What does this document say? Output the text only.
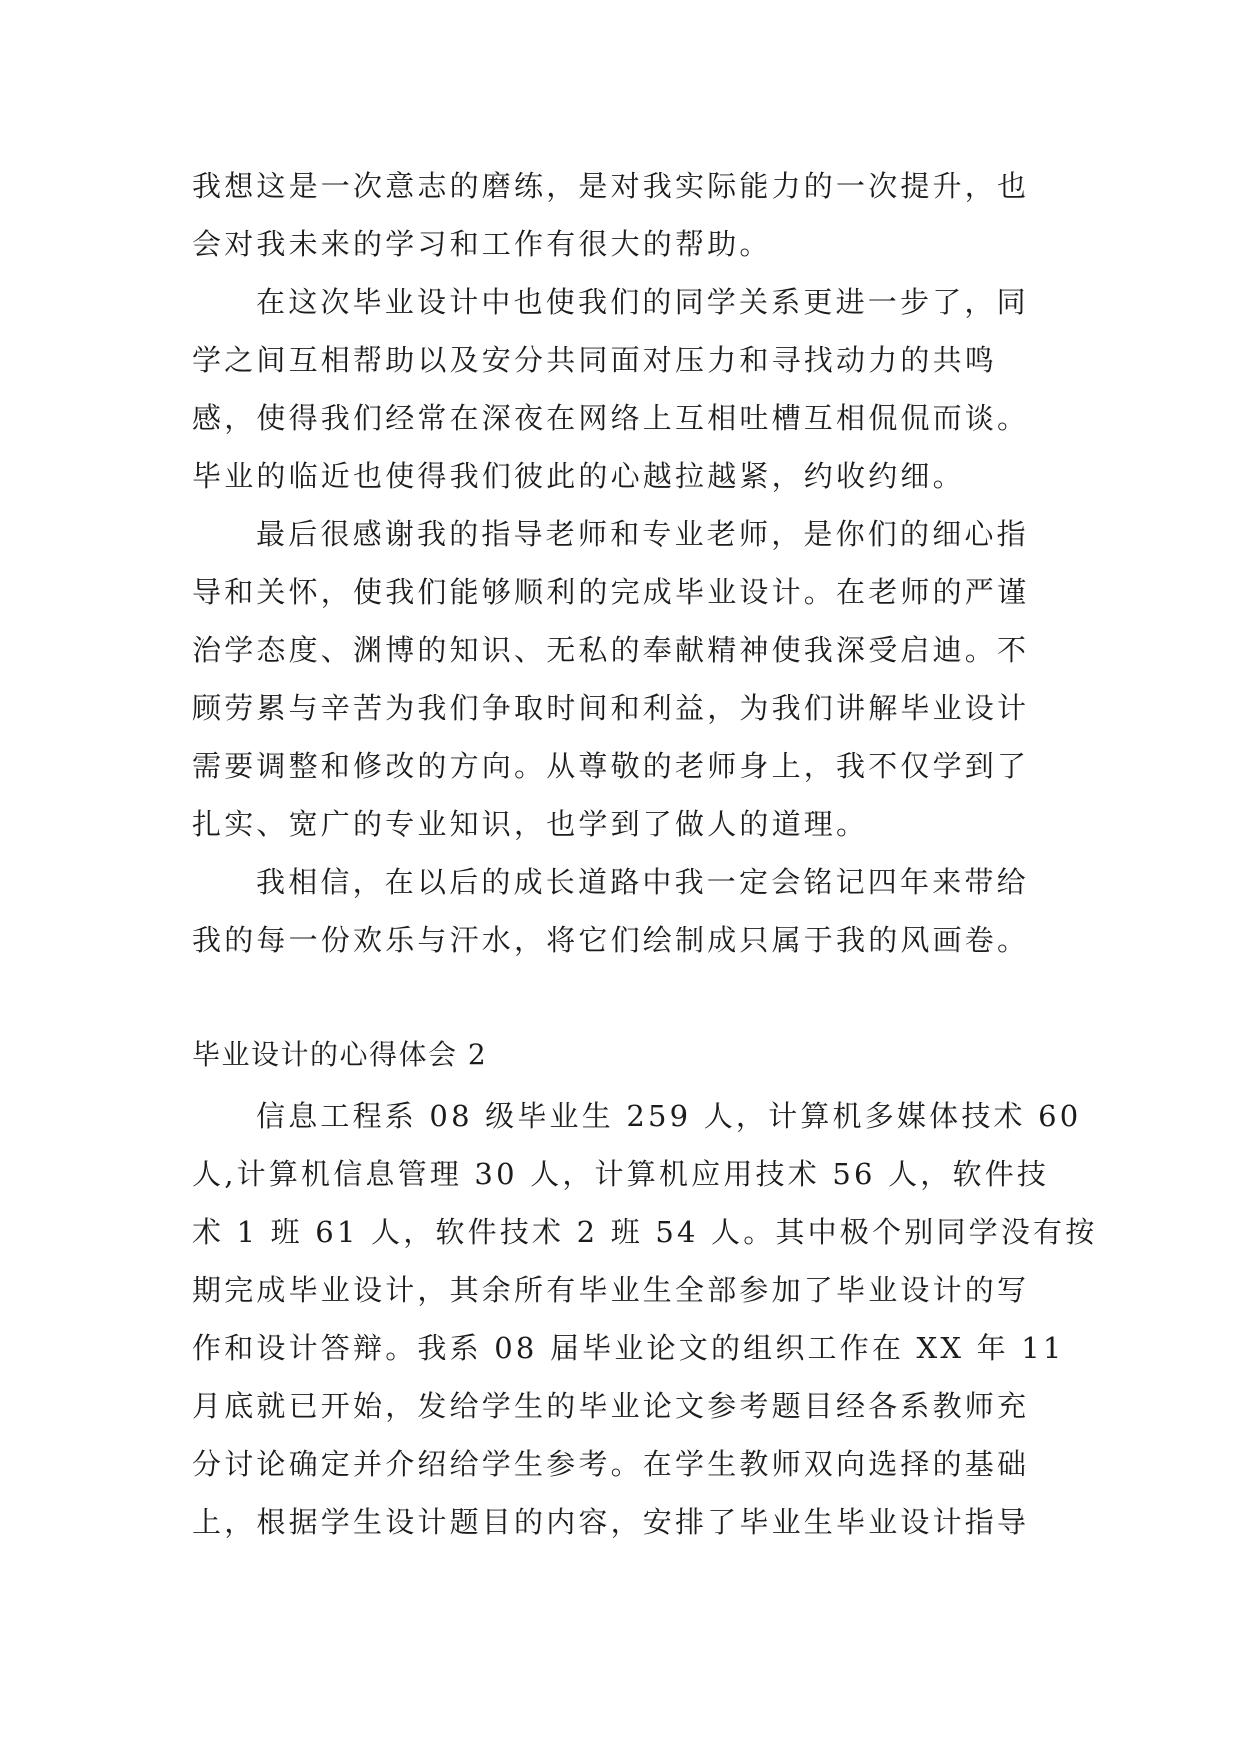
我想这是一次意志的磨练，是对我实际能力的一次提升，也
会对我未来的学习和工作有很大的帮助。
在这次毕业设计中也使我们的同学关系更进一步了，同
学之间互相帮助以及安分共同面对压力和寻找动力的共鸣
感，使得我们经常在深夜在网络上互相吐槽互相侃侃而谈。
毕业的临近也使得我们彼此的心越拉越紧，约收约细。
最后很感谢我的指导老师和专业老师，是你们的细心指
导和关怀，使我们能够顺利的完成毕业设计。在老师的严谨
治学态度、渊博的知识、无私的奉献精神使我深受启迪。不
顾劳累与辛苦为我们争取时间和利益，为我们讲解毕业设计
需要调整和修改的方向。从尊敬的老师身上，我不仅学到了
扎实、宽广的专业知识，也学到了做人的道理。
我相信，在以后的成长道路中我一定会铭记四年来带给
我的每一份欢乐与汗水，将它们绘制成只属于我的风画卷。
毕业设计的心得体会 2
信息工程系 08 级毕业生 259 人，计算机多媒体技术 60
人,计算机信息管理 30 人，计算机应用技术 56 人，软件技
术 1 班 61 人，软件技术 2 班 54 人。其中极个别同学没有按
期完成毕业设计，其余所有毕业生全部参加了毕业设计的写
作和设计答辩。我系 08 届毕业论文的组织工作在 XX 年 11
月底就已开始，发给学生的毕业论文参考题目经各系教师充
分讨论确定并介绍给学生参考。在学生教师双向选择的基础
上，根据学生设计题目的内容，安排了毕业生毕业设计指导
